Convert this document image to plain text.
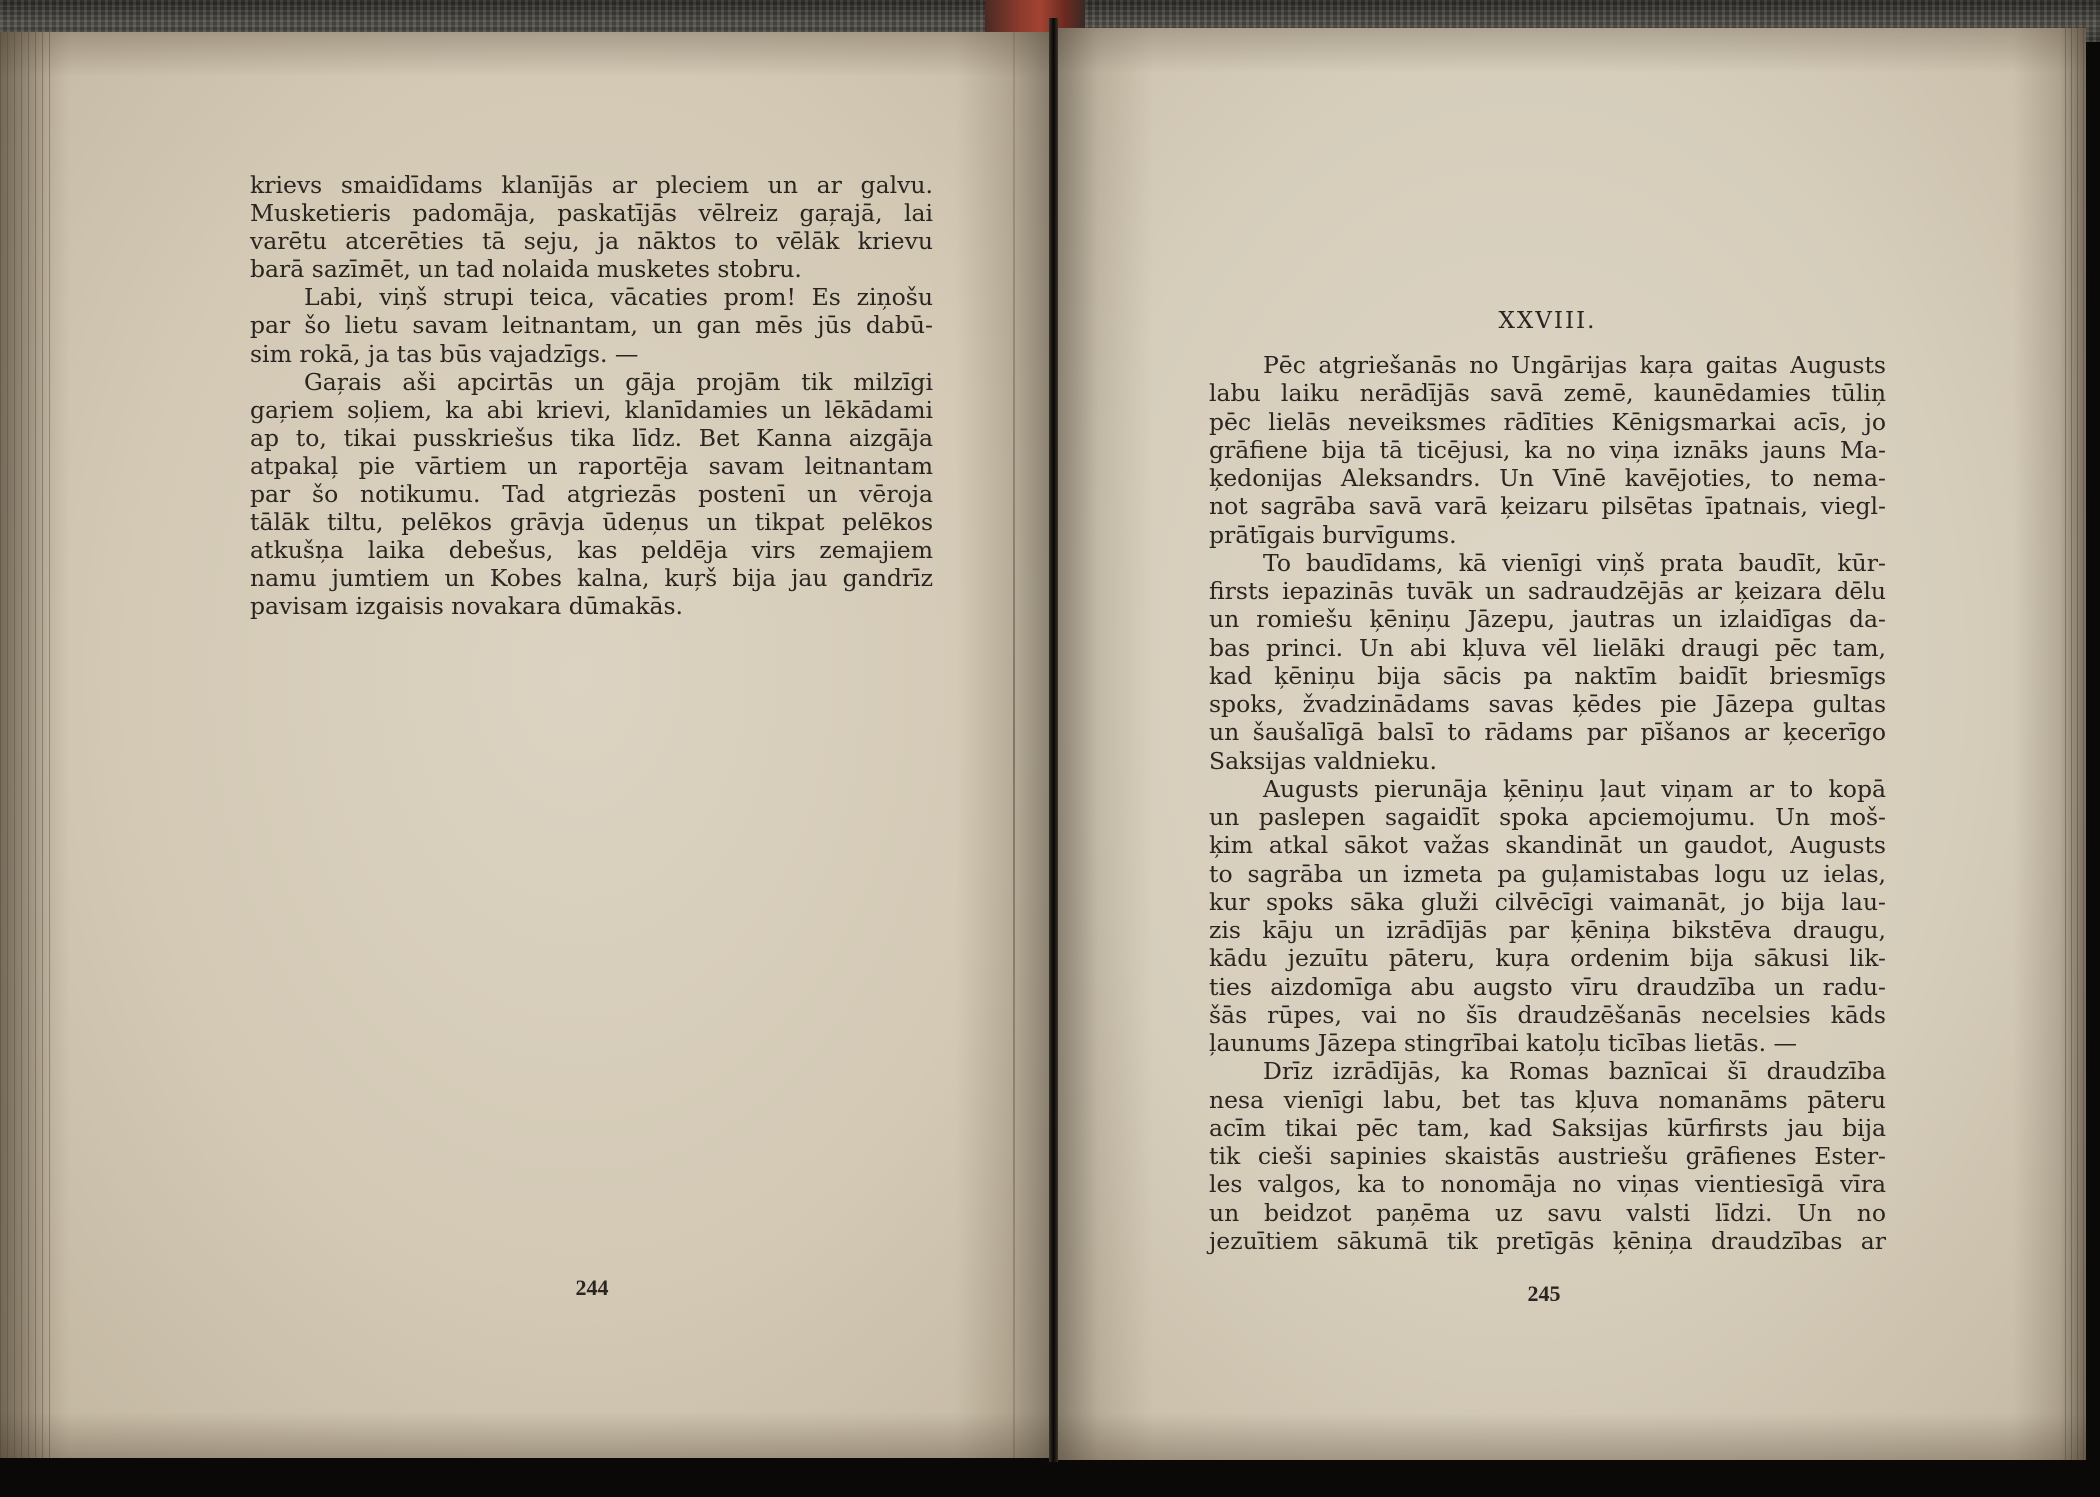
krievs smaidīdams klanījās ar pleciem un ar galvu.
Musketieris padomāja, paskatījās vēlreiz gaŗajā, lai
varētu atcerēties tā seju, ja nāktos to vēlāk krievu
barā sazīmēt, un tad nolaida musketes stobru.
Labi, viņš strupi teica, vācaties prom! Es ziņošu
par šo lietu savam leitnantam, un gan mēs jūs dabū-
sim rokā, ja tas būs vajadzīgs. —
Gaŗais aši apcirtās un gāja projām tik milzīgi
gaŗiem soļiem, ka abi krievi, klanīdamies un lēkādami
ap to, tikai pusskriešus tika līdz. Bet Kanna aizgāja
atpakaļ pie vārtiem un raportēja savam leitnantam
par šo notikumu. Tad atgriezās postenī un vēroja
tālāk tiltu, pelēkos grāvja ūdeņus un tikpat pelēkos
atkušņa laika debešus, kas peldēja virs zemajiem
namu jumtiem un Kobes kalna, kuŗš bija jau gandrīz
pavisam izgaisis novakara dūmakās.
244
XXVIII.
Pēc atgriešanās no Ungārijas kaŗa gaitas Augusts
labu laiku nerādījās savā zemē, kaunēdamies tūliņ
pēc lielās neveiksmes rādīties Kēnigsmarkai acīs, jo
grāfiene bija tā ticējusi, ka no viņa iznāks jauns Ma-
ķedonijas Aleksandrs. Un Vīnē kavējoties, to nema-
not sagrāba savā varā ķeizaru pilsētas īpatnais, viegl-
prātīgais burvīgums.
To baudīdams, kā vienīgi viņš prata baudīt, kūr-
firsts iepazinās tuvāk un sadraudzējās ar ķeizara dēlu
un romiešu ķēniņu Jāzepu, jautras un izlaidīgas da-
bas princi. Un abi kļuva vēl lielāki draugi pēc tam,
kad ķēniņu bija sācis pa naktīm baidīt briesmīgs
spoks, žvadzinādams savas ķēdes pie Jāzepa gultas
un šaušalīgā balsī to rādams par pīšanos ar ķecerīgo
Saksijas valdnieku.
Augusts pierunāja ķēniņu ļaut viņam ar to kopā
un paslepen sagaidīt spoka apciemojumu. Un moš-
ķim atkal sākot važas skandināt un gaudot, Augusts
to sagrāba un izmeta pa guļamistabas logu uz ielas,
kur spoks sāka gluži cilvēcīgi vaimanāt, jo bija lau-
zis kāju un izrādījās par ķēniņa bikstēva draugu,
kādu jezuītu pāteru, kuŗa ordenim bija sākusi lik-
ties aizdomīga abu augsto vīru draudzība un radu-
šās rūpes, vai no šīs draudzēšanās necelsies kāds
ļaunums Jāzepa stingrībai katoļu ticības lietās. —
Drīz izrādījās, ka Romas baznīcai šī draudzība
nesa vienīgi labu, bet tas kļuva nomanāms pāteru
acīm tikai pēc tam, kad Saksijas kūrfirsts jau bija
tik cieši sapinies skaistās austriešu grāfienes Ester-
les valgos, ka to nonomāja no viņas vientiesīgā vīra
un beidzot paņēma uz savu valsti līdzi. Un no
jezuītiem sākumā tik pretīgās ķēniņa draudzības ar
245
